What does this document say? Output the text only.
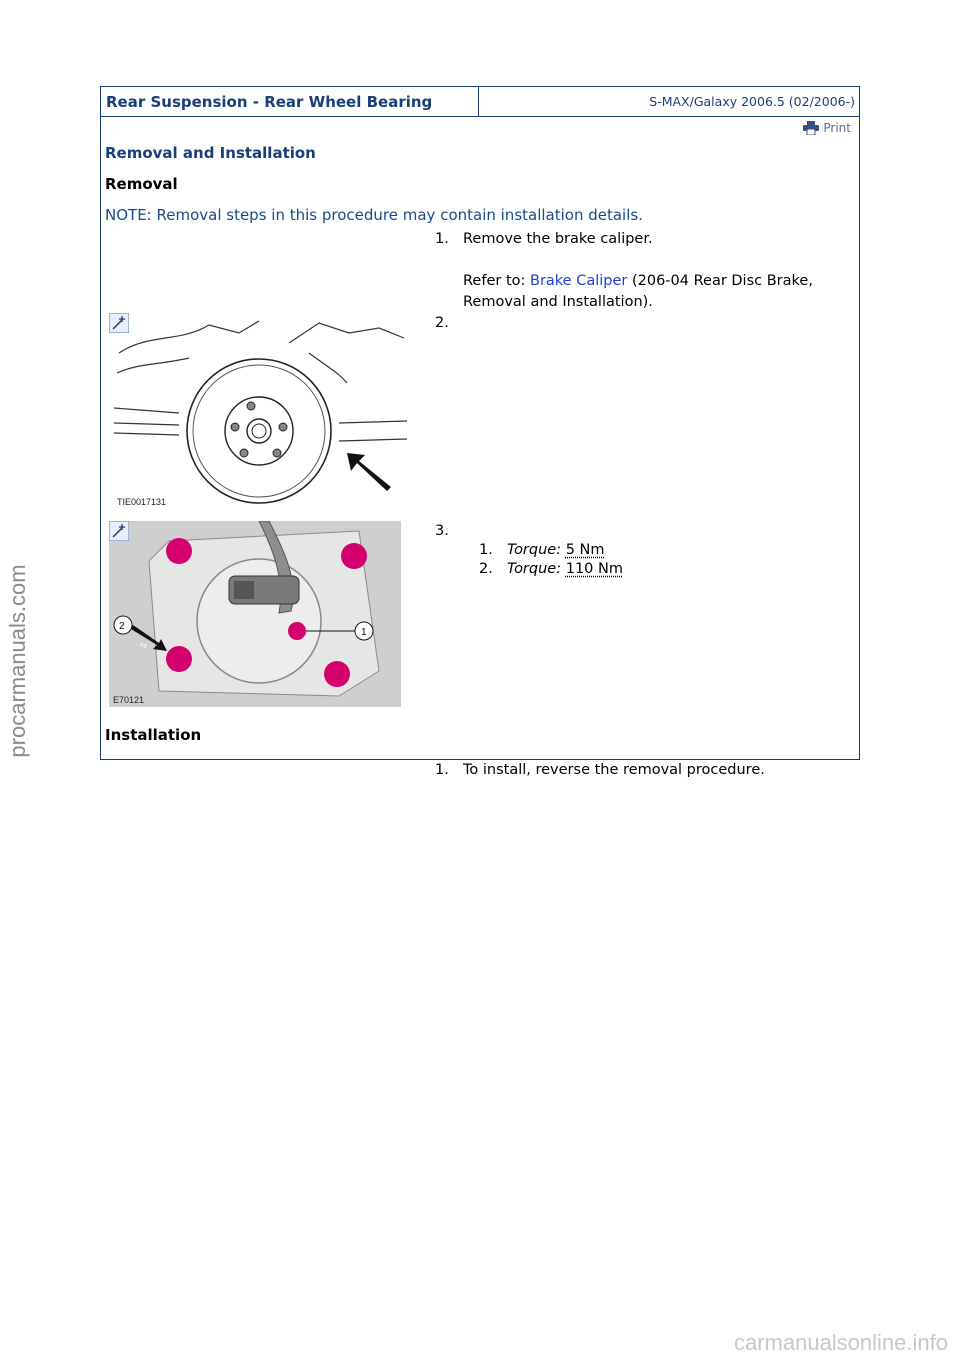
Rear Suspension - Rear Wheel Bearing	S-MAX/Galaxy 2006.5 (02/2006-)
Print
Removal and Installation
Removal
NOTE: Removal steps in this procedure may contain installation details.
1. Remove the brake caliper.
Refer to: Brake Caliper (206-04 Rear Disc Brake, Removal and Installation).
TIE0017131
2.
1
2
x4
E70121
3.
1. Torque: 5 Nm
2. Torque: 110 Nm
Installation
1. To install, reverse the removal procedure.
procarmanuals.com
carmanualsonline.info
